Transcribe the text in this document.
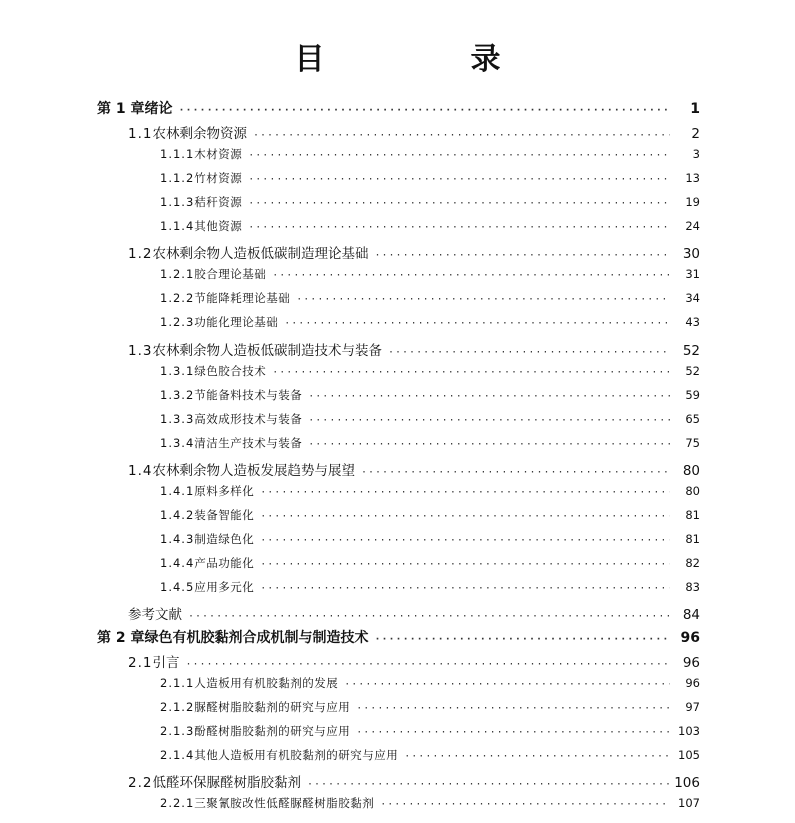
目　录
第 1 章 绪论 ·····	1
1.1 农林剩余物资源 ·····	2
1.1.1 木材资源 ·····	3
1.1.2 竹材资源 ·····	13
1.1.3 秸秆资源 ·····	19
1.1.4 其他资源 ·····	24
1.2 农林剩余物人造板低碳制造理论基础 ·····	30
1.2.1 胶合理论基础 ·····	31
1.2.2 节能降耗理论基础 ·····	34
1.2.3 功能化理论基础 ·····	43
1.3 农林剩余物人造板低碳制造技术与装备 ·····	52
1.3.1 绿色胶合技术 ·····	52
1.3.2 节能备料技术与装备 ·····	59
1.3.3 高效成形技术与装备 ·····	65
1.3.4 清洁生产技术与装备 ·····	75
1.4 农林剩余物人造板发展趋势与展望 ·····	80
1.4.1 原料多样化 ·····	80
1.4.2 装备智能化 ·····	81
1.4.3 制造绿色化 ·····	81
1.4.4 产品功能化 ·····	82
1.4.5 应用多元化 ·····	83
参考文献 ·····	84
第 2 章 绿色有机胶黏剂合成机制与制造技术 ·····	96
2.1 引言 ·····	96
2.1.1 人造板用有机胶黏剂的发展 ·····	96
2.1.2 脲醛树脂胶黏剂的研究与应用 ·····	97
2.1.3 酚醛树脂胶黏剂的研究与应用 ·····	103
2.1.4 其他人造板用有机胶黏剂的研究与应用 ·····	105
2.2 低醛环保脲醛树脂胶黏剂 ·····	106
2.2.1 三聚氰胺改性低醛脲醛树脂胶黏剂 ·····	107
